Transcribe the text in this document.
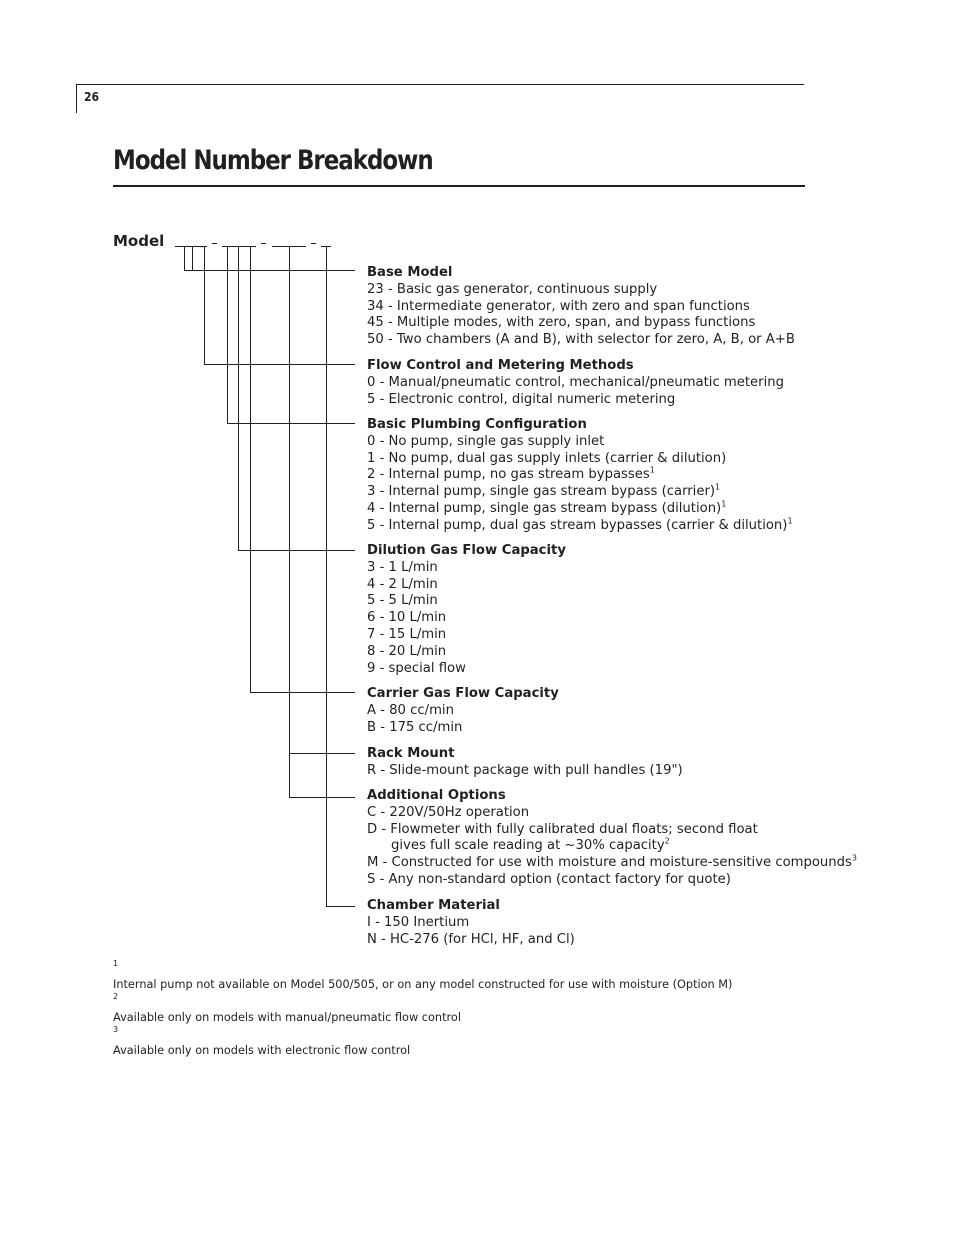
26
Model Number Breakdown
Model
Base Model
23 - Basic gas generator, continuous supply
34 - Intermediate generator, with zero and span functions
45 - Multiple modes, with zero, span, and bypass functions
50 - Two chambers (A and B), with selector for zero, A, B, or A+B
Flow Control and Metering Methods
0 - Manual/pneumatic control, mechanical/pneumatic metering
5 - Electronic control, digital numeric metering
Basic Plumbing Configuration
0 - No pump, single gas supply inlet
1 - No pump, dual gas supply inlets (carrier & dilution)
2 - Internal pump, no gas stream bypasses$^1$
3 - Internal pump, single gas stream bypass (carrier)$^1$
4 - Internal pump, single gas stream bypass (dilution)$^1$
5 - Internal pump, dual gas stream bypasses (carrier & dilution)$^1$
Dilution Gas Flow Capacity
3 - 1 L/min
4 - 2 L/min
5 - 5 L/min
6 - 10 L/min
7 - 15 L/min
8 - 20 L/min
9 - special flow
Carrier Gas Flow Capacity
A - 80 cc/min
B - 175 cc/min
Rack Mount
R - Slide-mount package with pull handles (19")
Additional Options
C - 220V/50Hz operation
D - Flowmeter with fully calibrated dual floats; second float
gives full scale reading at ~30% capacity$^2$
M - Constructed for use with moisture and moisture-sensitive compounds$^3$
S - Any non-standard option (contact factory for quote)
Chamber Material
I - 150 Inertium
N - HC-276 (for HCl, HF, and Cl)
$^1$
Internal pump not available on Model 500/505, or on any model constructed for use with moisture (Option M)
$^2$
Available only on models with manual/pneumatic flow control
$^3$
Available only on models with electronic flow control
